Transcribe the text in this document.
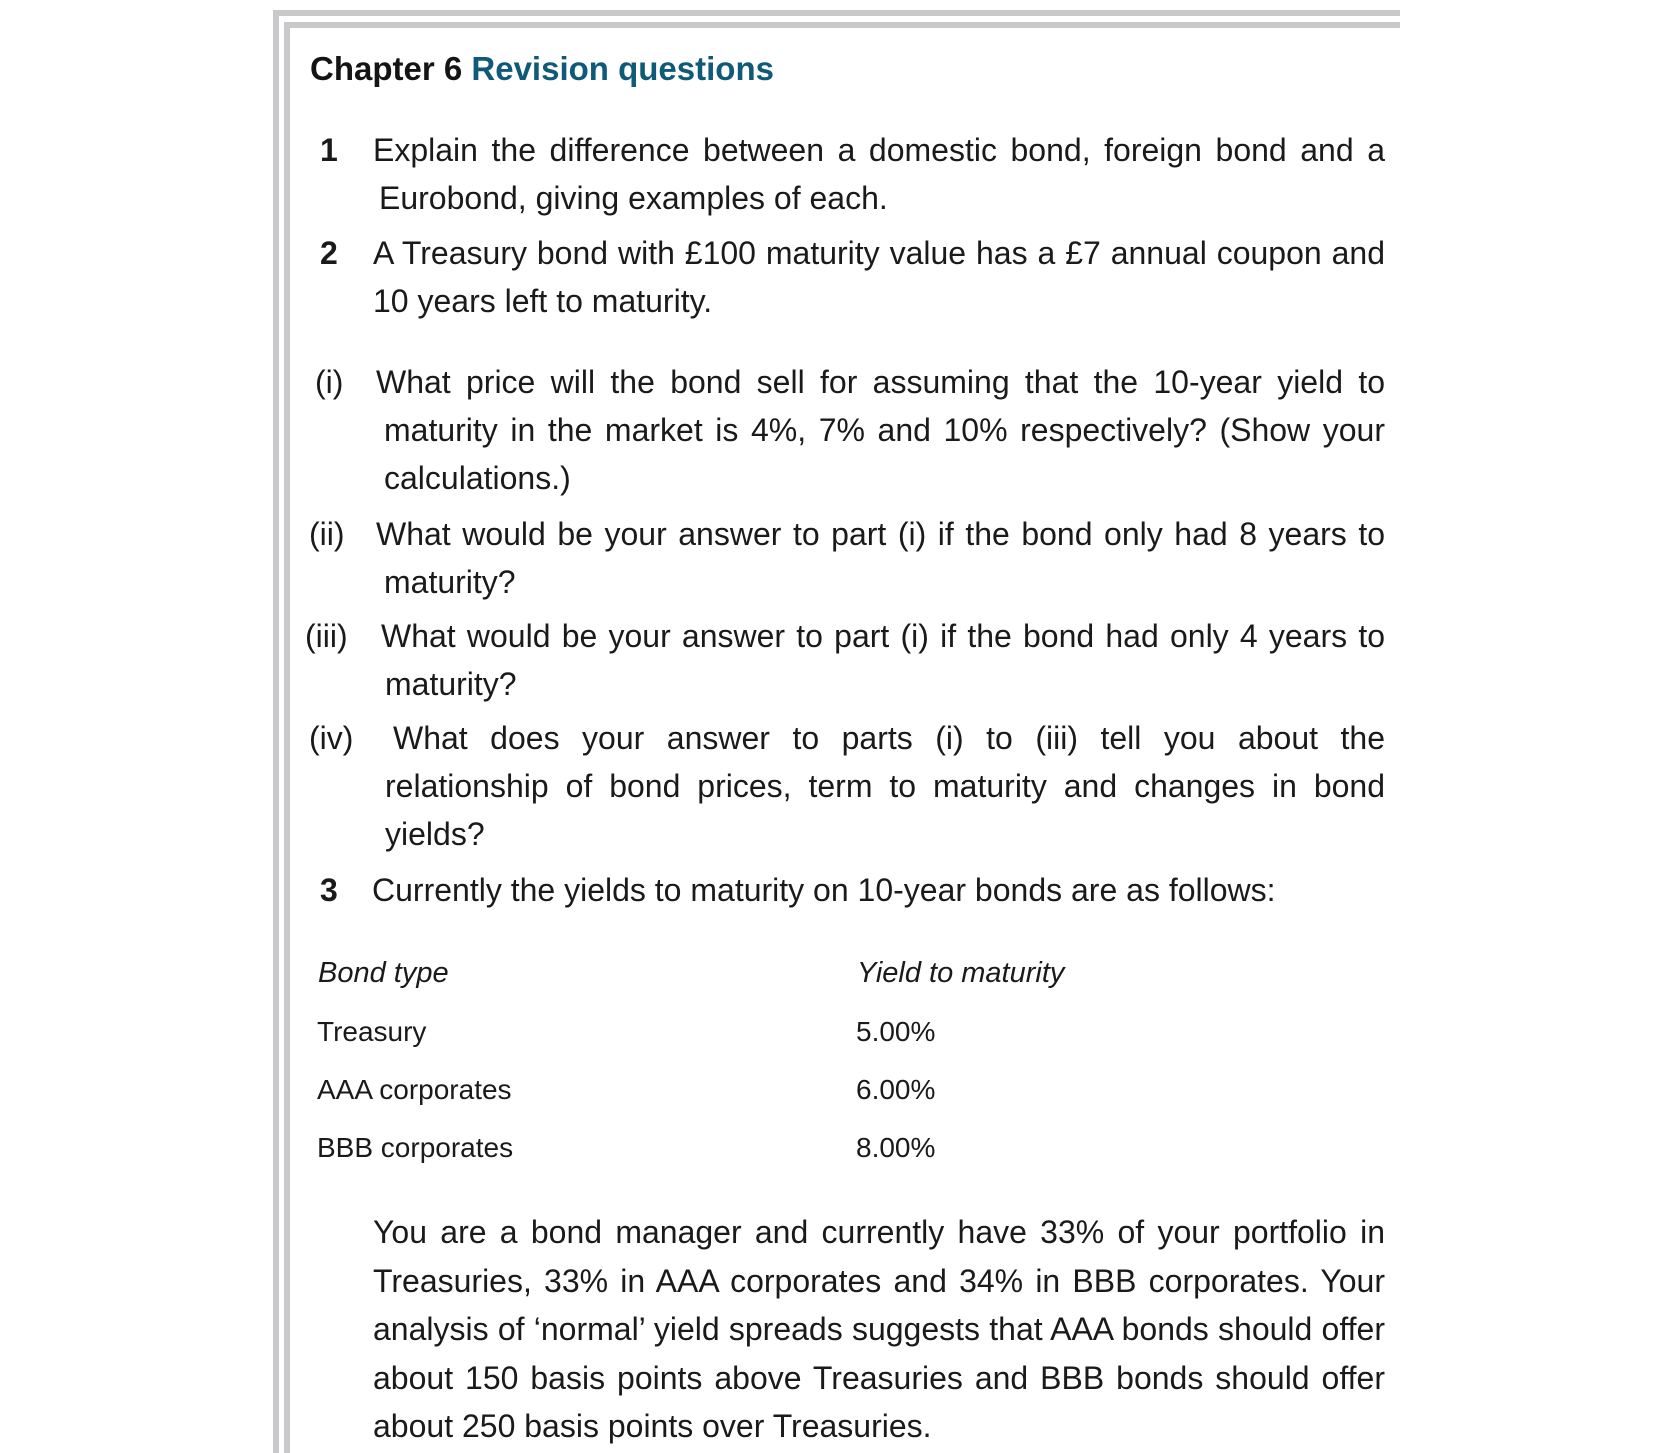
Chapter 6 Revision questions
1 Explain the difference between a domestic bond, foreign bond and a Eurobond, giving examples of each.
2 A Treasury bond with £100 maturity value has a £7 annual coupon and 10 years left to maturity.
(i) What price will the bond sell for assuming that the 10-year yield to maturity in the market is 4%, 7% and 10% respectively? (Show your calculations.)
(ii) What would be your answer to part (i) if the bond only had 8 years to maturity?
(iii) What would be your answer to part (i) if the bond had only 4 years to maturity?
(iv) What does your answer to parts (i) to (iii) tell you about the relationship of bond prices, term to maturity and changes in bond yields?
3 Currently the yields to maturity on 10-year bonds are as follows:
Bond type	Yield to maturity
Treasury	5.00%
AAA corporates	6.00%
BBB corporates	8.00%
You are a bond manager and currently have 33% of your portfolio in Treasuries, 33% in AAA corporates and 34% in BBB corporates. Your analysis of ‘normal’ yield spreads suggests that AAA bonds should offer about 150 basis points above Treasuries and BBB bonds should offer about 250 basis points over Treasuries.
